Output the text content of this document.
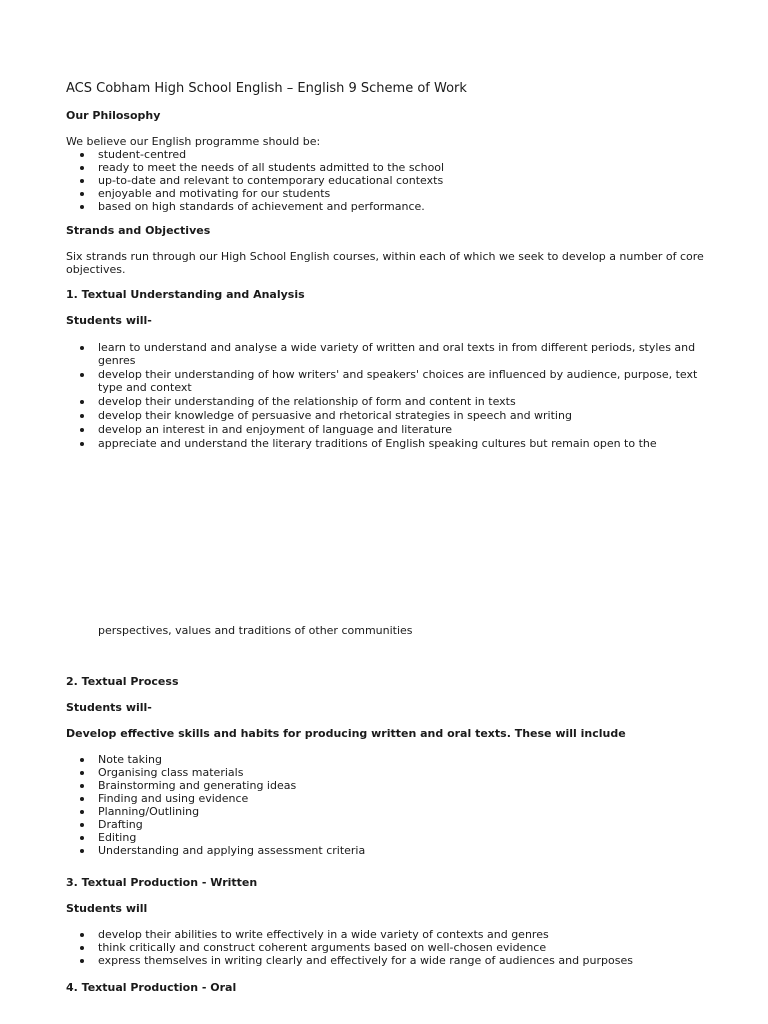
ACS Cobham High School English – English 9 Scheme of Work
Our Philosophy
We believe our English programme should be:
student-centred
ready to meet the needs of all students admitted to the school
up-to-date and relevant to contemporary educational contexts
enjoyable and motivating for our students
based on high standards of achievement and performance.
Strands and Objectives
Six strands run through our High School English courses, within each of which we seek to develop a number of core objectives.
1. Textual Understanding and Analysis
Students will-
learn to understand and analyse a wide variety of written and oral texts in from different periods, styles and genres
develop their understanding of how writers' and speakers' choices are influenced by audience, purpose, text type and context
develop their understanding of the relationship of form and content in texts
develop their knowledge of persuasive and rhetorical strategies in speech and writing
develop an interest in and enjoyment of language and literature
appreciate and understand the literary traditions of English speaking cultures but remain open to the
perspectives, values and traditions of other communities
2. Textual Process
Students will-
Develop effective skills and habits for producing written and oral texts. These will include
Note taking
Organising class materials
Brainstorming and generating ideas
Finding and using evidence
Planning/Outlining
Drafting
Editing
Understanding and applying assessment criteria
3. Textual Production - Written
Students will
develop their abilities to write effectively in a wide variety of contexts and genres
think critically and construct coherent arguments based on well-chosen evidence
express themselves in writing clearly and effectively for a wide range of audiences and purposes
4. Textual Production - Oral
